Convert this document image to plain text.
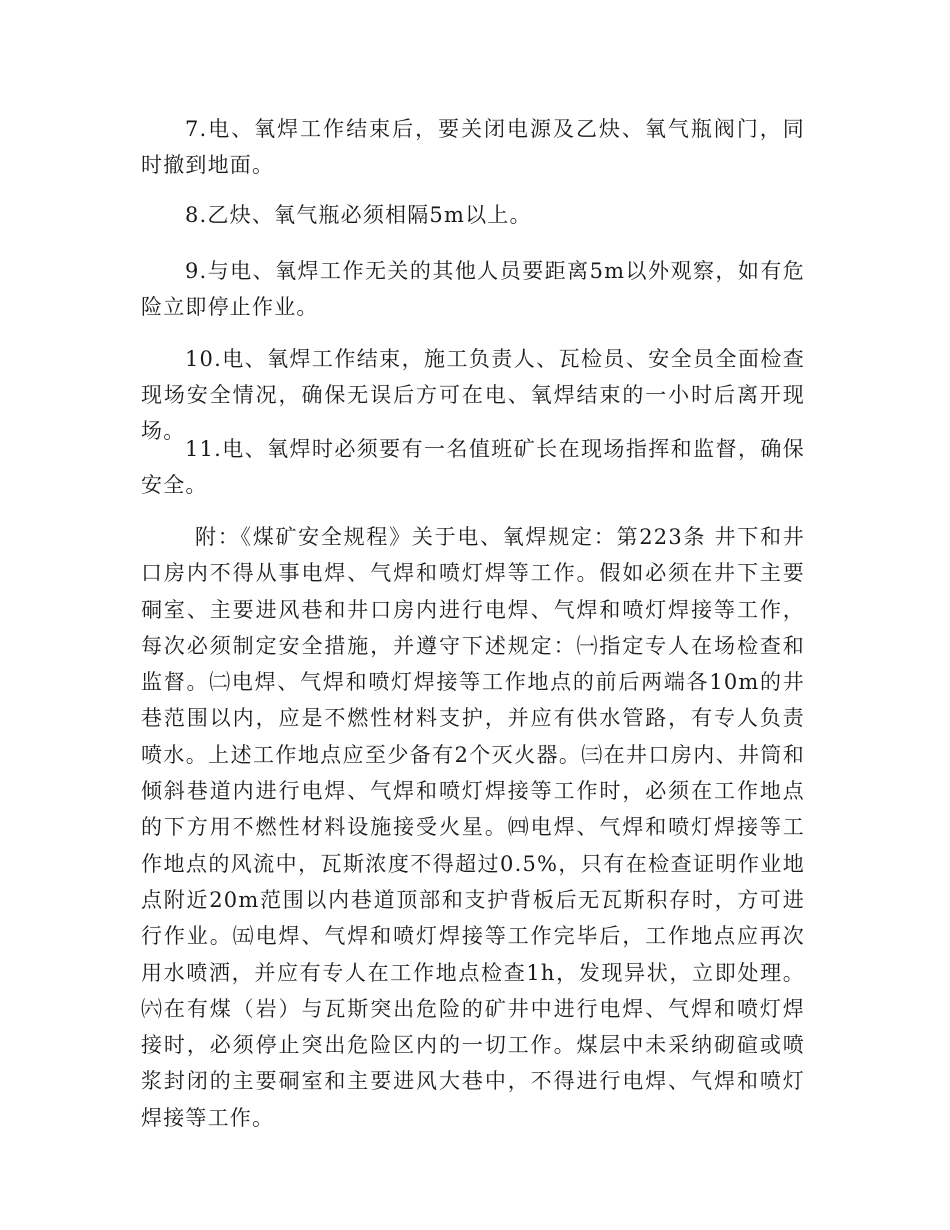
7.电、氧焊工作结束后，要关闭电源及乙炔、氧气瓶阀门，同时撤到地面。

8.乙炔、氧气瓶必须相隔5m以上。

9.与电、氧焊工作无关的其他人员要距离5m以外观察，如有危险立即停止作业。

10.电、氧焊工作结束，施工负责人、瓦检员、安全员全面检查现场安全情况，确保无误后方可在电、氧焊结束的一小时后离开现场。

11.电、氧焊时必须要有一名值班矿长在现场指挥和监督，确保安全。

附：《煤矿安全规程》关于电、氧焊规定：第223条 井下和井口房内不得从事电焊、气焊和喷灯焊等工作。假如必须在井下主要硐室、主要进风巷和井口房内进行电焊、气焊和喷灯焊接等工作，每次必须制定安全措施，并遵守下述规定：㈠指定专人在场检查和监督。㈡电焊、气焊和喷灯焊接等工作地点的前后两端各10m的井巷范围以内，应是不燃性材料支护，并应有供水管路，有专人负责喷水。上述工作地点应至少备有2个灭火器。㈢在井口房内、井筒和倾斜巷道内进行电焊、气焊和喷灯焊接等工作时，必须在工作地点的下方用不燃性材料设施接受火星。㈣电焊、气焊和喷灯焊接等工作地点的风流中，瓦斯浓度不得超过0.5%，只有在检查证明作业地点附近20m范围以内巷道顶部和支护背板后无瓦斯积存时，方可进行作业。㈤电焊、气焊和喷灯焊接等工作完毕后，工作地点应再次用水喷洒，并应有专人在工作地点检查1h，发现异状，立即处理。㈥在有煤（岩）与瓦斯突出危险的矿井中进行电焊、气焊和喷灯焊接时，必须停止突出危险区内的一切工作。煤层中未采纳砌碹或喷浆封闭的主要硐室和主要进风大巷中，不得进行电焊、气焊和喷灯焊接等工作。
